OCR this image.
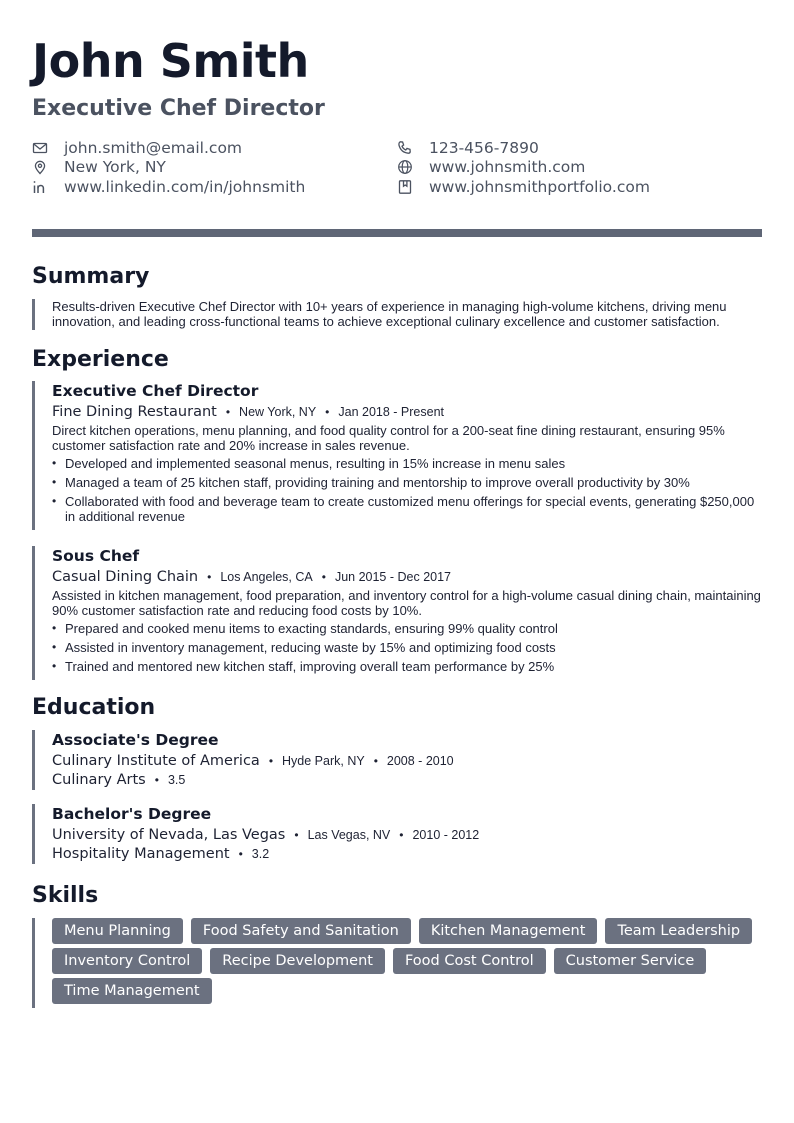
John Smith
Executive Chef Director
john.smith@email.com	123-456-7890
New York, NY	www.johnsmith.com
www.linkedin.com/in/johnsmith	www.johnsmithportfolio.com
Summary
Results-driven Executive Chef Director with 10+ years of experience in managing high-volume kitchens, driving menu innovation, and leading cross-functional teams to achieve exceptional culinary excellence and customer satisfaction.
Experience
Executive Chef Director
Fine Dining Restaurant • New York, NY • Jan 2018 - Present
Direct kitchen operations, menu planning, and food quality control for a 200-seat fine dining restaurant, ensuring 95% customer satisfaction rate and 20% increase in sales revenue.
• Developed and implemented seasonal menus, resulting in 15% increase in menu sales
• Managed a team of 25 kitchen staff, providing training and mentorship to improve overall productivity by 30%
• Collaborated with food and beverage team to create customized menu offerings for special events, generating $250,000 in additional revenue
Sous Chef
Casual Dining Chain • Los Angeles, CA • Jun 2015 - Dec 2017
Assisted in kitchen management, food preparation, and inventory control for a high-volume casual dining chain, maintaining 90% customer satisfaction rate and reducing food costs by 10%.
• Prepared and cooked menu items to exacting standards, ensuring 99% quality control
• Assisted in inventory management, reducing waste by 15% and optimizing food costs
• Trained and mentored new kitchen staff, improving overall team performance by 25%
Education
Associate's Degree
Culinary Institute of America • Hyde Park, NY • 2008 - 2010
Culinary Arts • 3.5
Bachelor's Degree
University of Nevada, Las Vegas • Las Vegas, NV • 2010 - 2012
Hospitality Management • 3.2
Skills
Menu Planning	Food Safety and Sanitation	Kitchen Management	Team Leadership
Inventory Control	Recipe Development	Food Cost Control	Customer Service
Time Management
